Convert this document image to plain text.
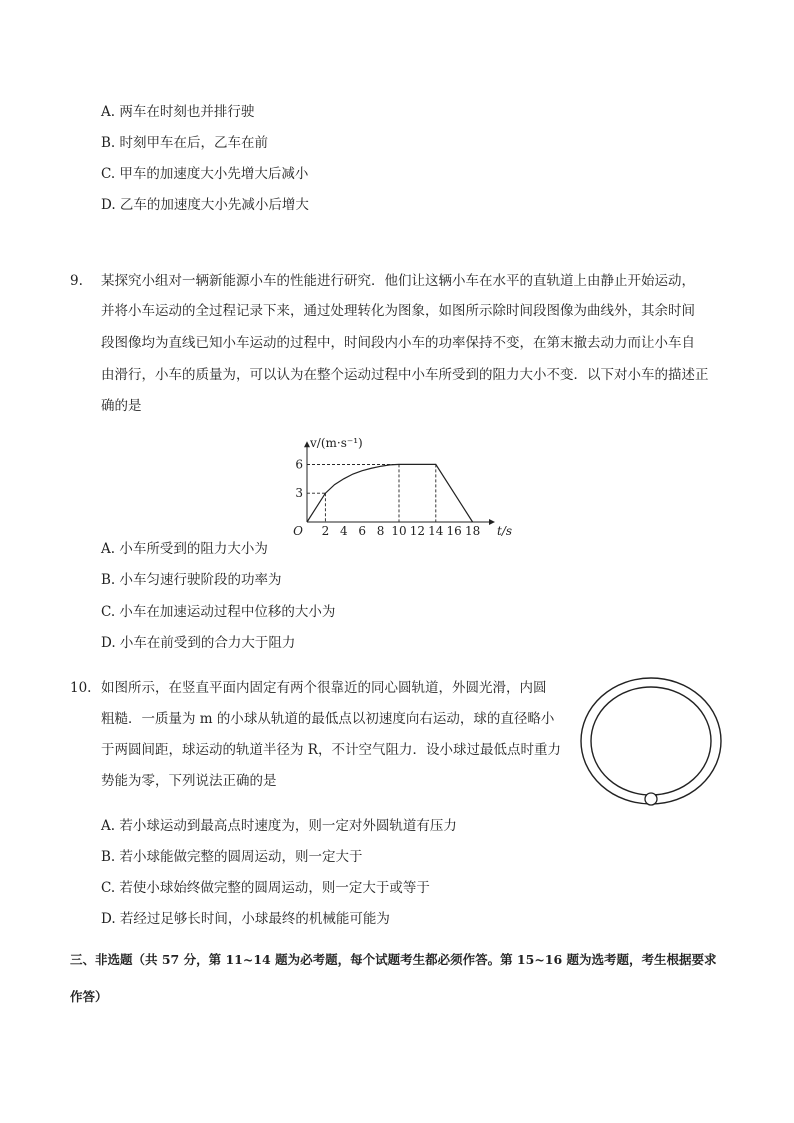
A. 两车在时刻也并排行驶
B. 时刻甲车在后，乙车在前
C. 甲车的加速度大小先增大后减小
D. 乙车的加速度大小先减小后增大
9. 某探究小组对一辆新能源小车的性能进行研究．他们让这辆小车在水平的直轨道上由静止开始运动，
并将小车运动的全过程记录下来，通过处理转化为图象，如图所示除时间段图像为曲线外，其余时间
段图像均为直线已知小车运动的过程中，时间段内小车的功率保持不变，在第末撤去动力而让小车自
由滑行，小车的质量为，可以认为在整个运动过程中小车所受到的阻力大小不变．以下对小车的描述正
确的是
2 4 6 8 10 12 14 16 18
3
6
O
v/(m·s⁻¹)
t/s
A. 小车所受到的阻力大小为
B. 小车匀速行驶阶段的功率为
C. 小车在加速运动过程中位移的大小为
D. 小车在前受到的合力大于阻力
10. 如图所示，在竖直平面内固定有两个很靠近的同心圆轨道，外圆光滑，内圆
粗糙．一质量为 m 的小球从轨道的最低点以初速度向右运动，球的直径略小
于两圆间距，球运动的轨道半径为 R，不计空气阻力．设小球过最低点时重力
势能为零，下列说法正确的是
A. 若小球运动到最高点时速度为，则一定对外圆轨道有压力
B. 若小球能做完整的圆周运动，则一定大于
C. 若使小球始终做完整的圆周运动，则一定大于或等于
D. 若经过足够长时间，小球最终的机械能可能为
三、非选题（共 57 分，第 11~14 题为必考题，每个试题考生都必须作答。第 15~16 题为选考题，考生根据要求
作答）
